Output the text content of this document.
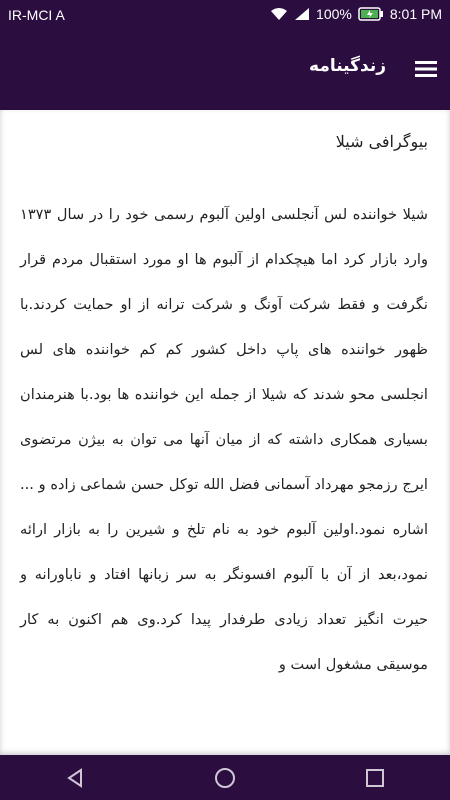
IR-MCI A	100%	8:01 PM
زندگینامه
بیوگرافی شیلا
شیلا خواننده لس آنجلسی اولین آلبوم رسمی خود را در سال ۱۳۷۳ وارد بازار کرد اما هیچکدام از آلبوم ها او مورد استقبال مردم قرار نگرفت و فقط شرکت آونگ و شرکت ترانه از او حمایت کردند.با ظهور خواننده های پاپ داخل کشور کم کم خواننده های لس انجلسی محو شدند که شیلا از جمله این خواننده ها بود.با هنرمندان بسیاری همکاری داشته که از میان آنها می توان به بیژن مرتضوی ایرج رزمجو مهرداد آسمانی فضل الله توکل حسن شماعی زاده و ... اشاره نمود.اولین آلبوم خود به نام تلخ و شیرین را به بازار ارائه نمود،بعد از آن با آلبوم افسونگر به سر زبانها افتاد و ناباورانه و حیرت انگیز تعداد زیادی طرفدار پیدا کرد.وی هم اکنون به کار موسیقی مشغول است و
